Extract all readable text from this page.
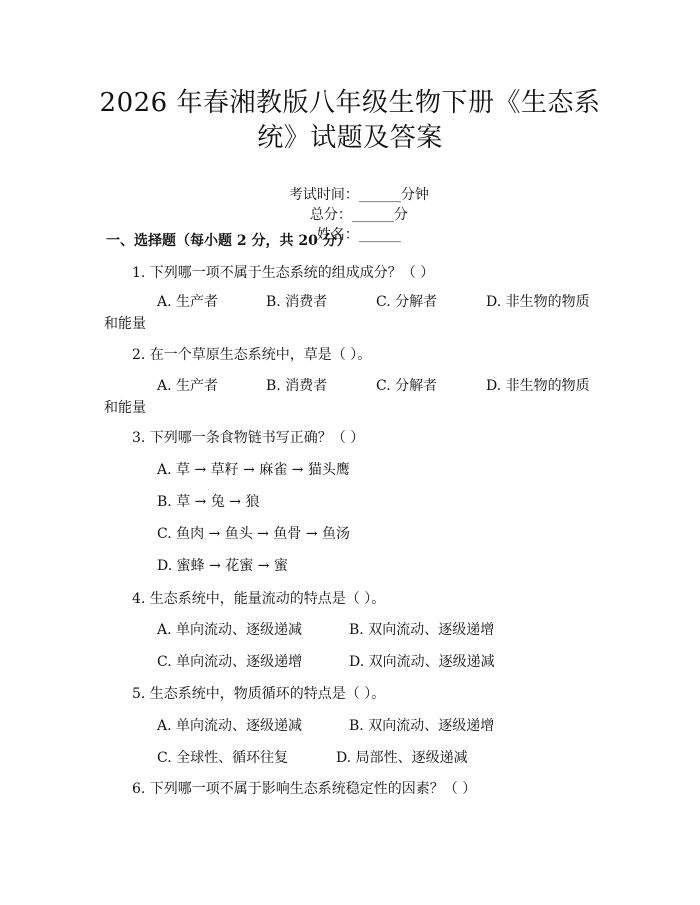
2026 年春湘教版八年级生物下册《生态系
统》试题及答案

考试时间：______分钟
总分：______分
姓名：______

一、选择题（每小题 2 分，共 20 分）
1. 下列哪一项不属于生态系统的组成成分？（ ）
A. 生产者	B. 消费者	C. 分解者	D. 非生物的物质
和能量
2. 在一个草原生态系统中，草是（ ）。
A. 生产者	B. 消费者	C. 分解者	D. 非生物的物质
和能量
3. 下列哪一条食物链书写正确？（ ）
A. 草 → 草籽 → 麻雀 → 猫头鹰
B. 草 → 兔 → 狼
C. 鱼肉 → 鱼头 → 鱼骨 → 鱼汤
D. 蜜蜂 → 花蜜 → 蜜
4. 生态系统中，能量流动的特点是（ ）。
A. 单向流动、逐级递减	B. 双向流动、逐级递增
C. 单向流动、逐级递增	D. 双向流动、逐级递减
5. 生态系统中，物质循环的特点是（ ）。
A. 单向流动、逐级递减	B. 双向流动、逐级递增
C. 全球性、循环往复	D. 局部性、逐级递减
6. 下列哪一项不属于影响生态系统稳定性的因素？（ ）
